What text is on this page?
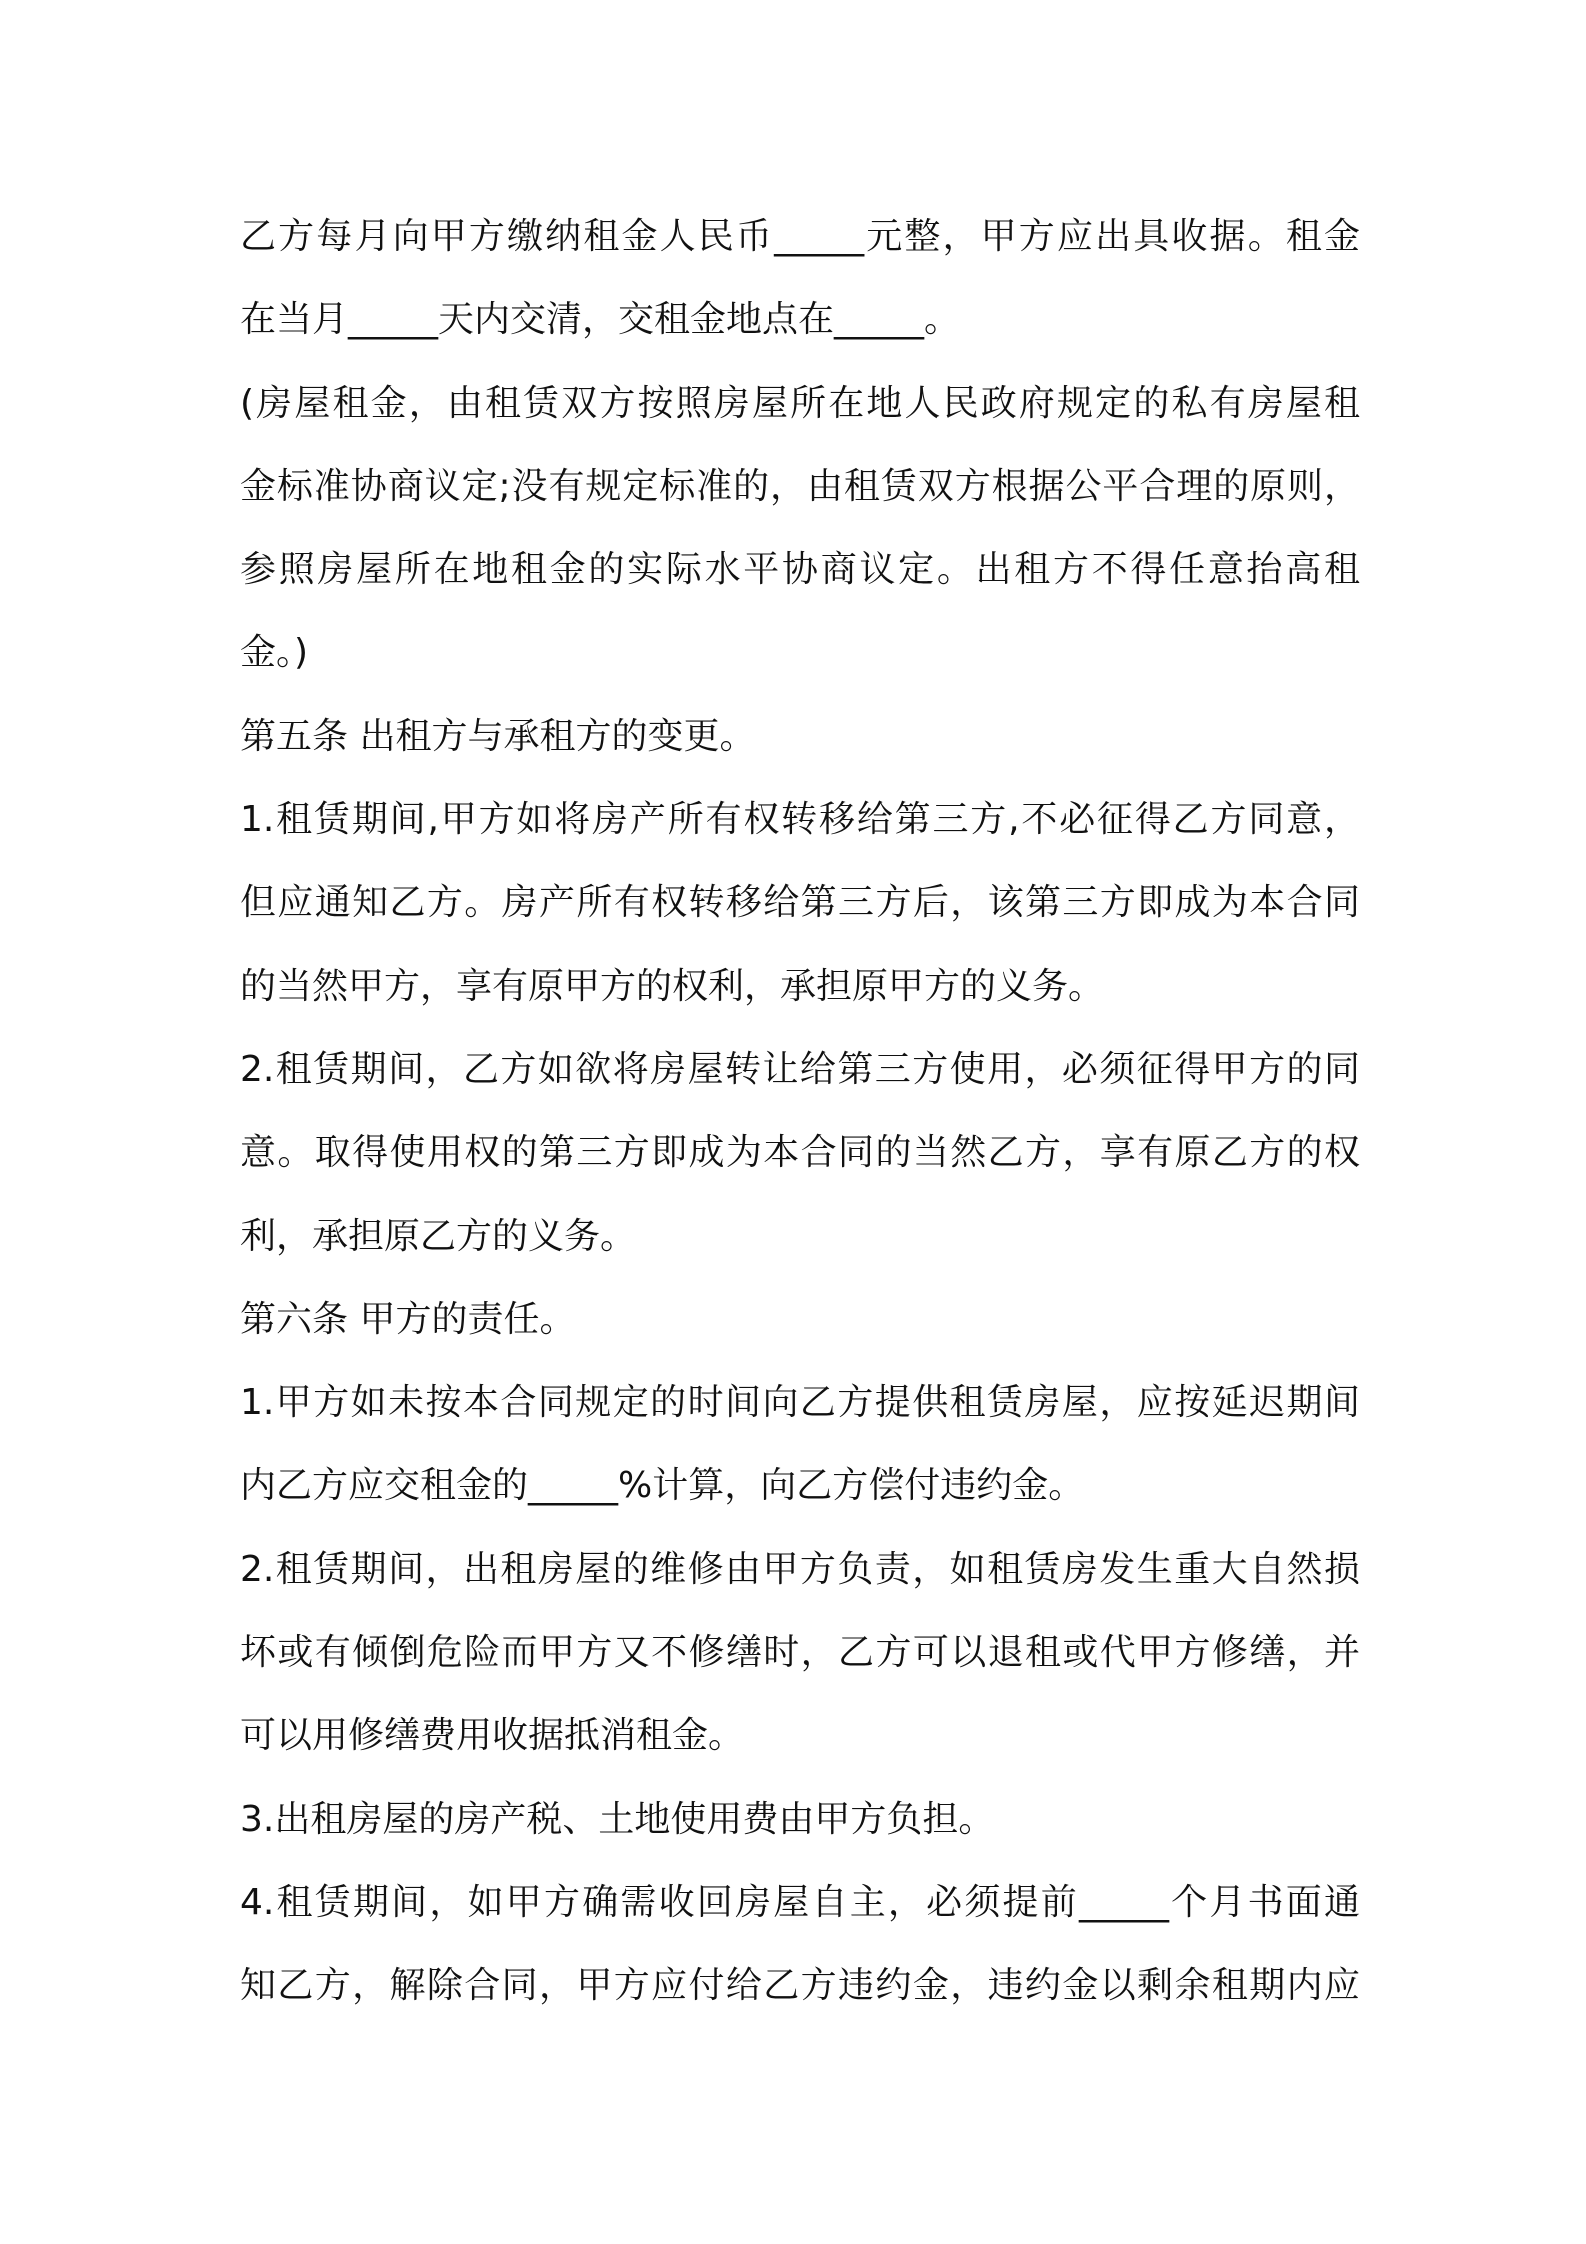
乙方每月向甲方缴纳租金人民币_____元整，甲方应出具收据。租金
在当月_____天内交清，交租金地点在_____。
(房屋租金，由租赁双方按照房屋所在地人民政府规定的私有房屋租
金标准协商议定;没有规定标准的，由租赁双方根据公平合理的原则，
参照房屋所在地租金的实际水平协商议定。出租方不得任意抬高租
金。)
第五条 出租方与承租方的变更。
1.租赁期间,甲方如将房产所有权转移给第三方,不必征得乙方同意，
但应通知乙方。房产所有权转移给第三方后，该第三方即成为本合同
的当然甲方，享有原甲方的权利，承担原甲方的义务。
2.租赁期间，乙方如欲将房屋转让给第三方使用，必须征得甲方的同
意。取得使用权的第三方即成为本合同的当然乙方，享有原乙方的权
利，承担原乙方的义务。
第六条 甲方的责任。
1.甲方如未按本合同规定的时间向乙方提供租赁房屋，应按延迟期间
内乙方应交租金的_____%计算，向乙方偿付违约金。
2.租赁期间，出租房屋的维修由甲方负责，如租赁房发生重大自然损
坏或有倾倒危险而甲方又不修缮时，乙方可以退租或代甲方修缮，并
可以用修缮费用收据抵消租金。
3.出租房屋的房产税、土地使用费由甲方负担。
4.租赁期间，如甲方确需收回房屋自主，必须提前_____个月书面通
知乙方，解除合同，甲方应付给乙方违约金，违约金以剩余租期内应
